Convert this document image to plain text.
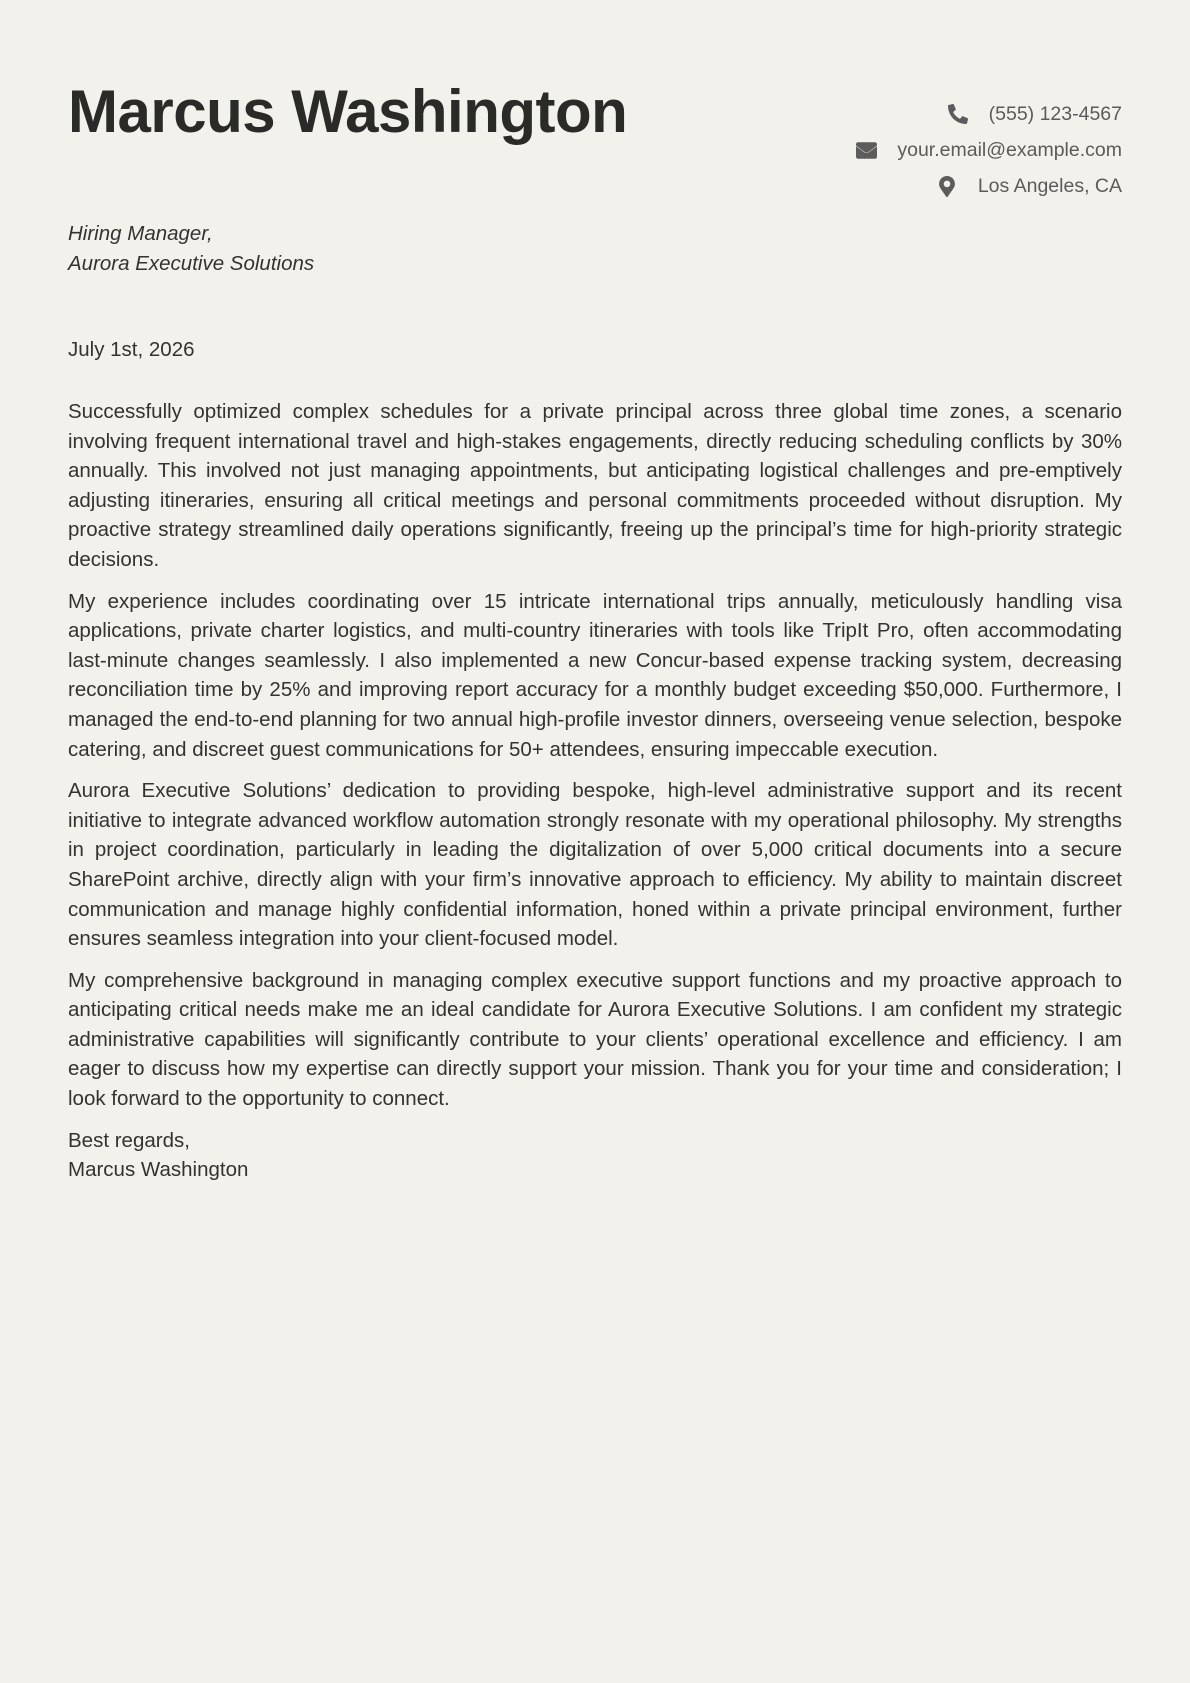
Marcus Washington	(555) 123-4567
your.email@example.com
Los Angeles, CA
Hiring Manager,
Aurora Executive Solutions
July 1st, 2026

Successfully optimized complex schedules for a private principal across three global time zones, a scenario involving frequent international travel and high-stakes engagements, directly reducing scheduling conflicts by 30% annually. This involved not just managing appointments, but anticipating logistical challenges and pre-emptively adjusting itineraries, ensuring all critical meetings and personal commitments proceeded without disruption. My proactive strategy streamlined daily operations significantly, freeing up the principal’s time for high-priority strategic decisions.

My experience includes coordinating over 15 intricate international trips annually, meticulously handling visa applications, private charter logistics, and multi-country itineraries with tools like TripIt Pro, often accommodating last-minute changes seamlessly. I also implemented a new Concur-based expense tracking system, decreasing reconciliation time by 25% and improving report accuracy for a monthly budget exceeding $50,000. Furthermore, I managed the end-to-end planning for two annual high-profile investor dinners, overseeing venue selection, bespoke catering, and discreet guest communications for 50+ attendees, ensuring impeccable execution.

Aurora Executive Solutions’ dedication to providing bespoke, high-level administrative support and its recent initiative to integrate advanced workflow automation strongly resonate with my operational philosophy. My strengths in project coordination, particularly in leading the digitalization of over 5,000 critical documents into a secure SharePoint archive, directly align with your firm’s innovative approach to efficiency. My ability to maintain discreet communication and manage highly confidential information, honed within a private principal environment, further ensures seamless integration into your client-focused model.

My comprehensive background in managing complex executive support functions and my proactive approach to anticipating critical needs make me an ideal candidate for Aurora Executive Solutions. I am confident my strategic administrative capabilities will significantly contribute to your clients’ operational excellence and efficiency. I am eager to discuss how my expertise can directly support your mission. Thank you for your time and consideration; I look forward to the opportunity to connect.

Best regards,

Marcus Washington
